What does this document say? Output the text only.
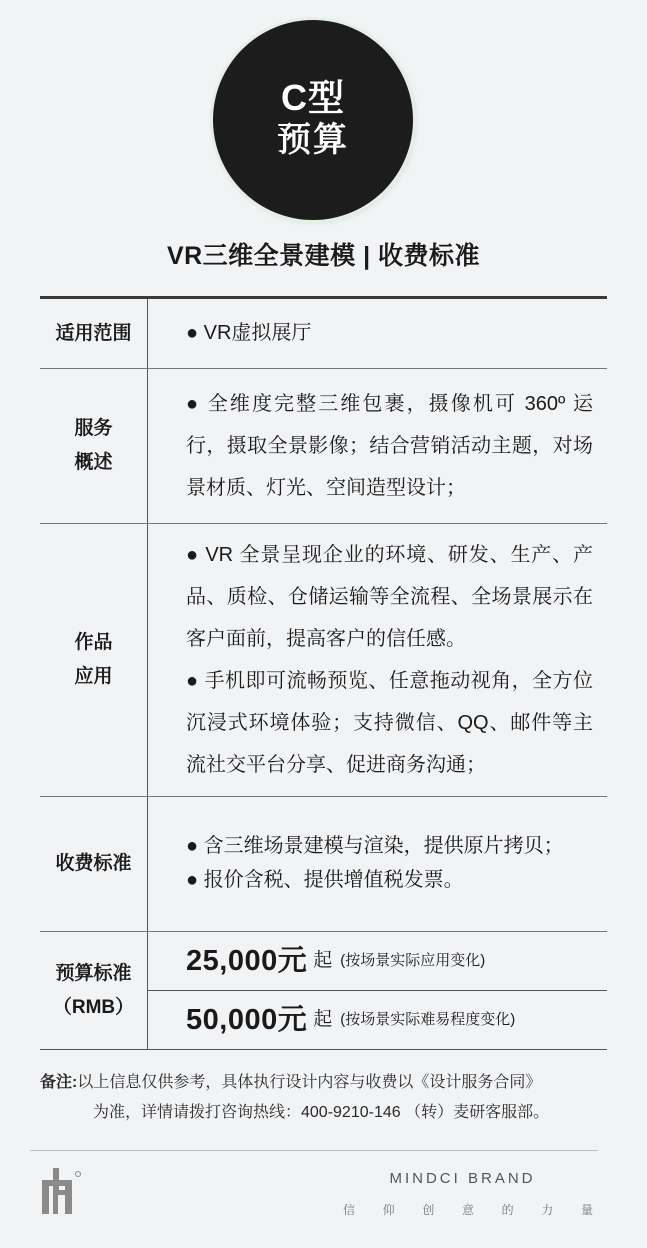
C型
预算
VR三维全景建模 | 收费标准
适用范围	● VR虚拟展厅

服务
概述

● 全维度完整三维包裹，摄像机可 360º 运行，摄取全景影像；结合营销活动主题，对场景材质、灯光、空间造型设计；

作品
应用

● VR 全景呈现企业的环境、研发、生产、产品、质检、仓储运输等全流程、全场景展示在客户面前，提高客户的信任感。

● 手机即可流畅预览、任意拖动视角，全方位沉浸式环境体验；支持微信、QQ、邮件等主流社交平台分享、促进商务沟通；

收费标准

● 含三维场景建模与渲染，提供原片拷贝；

● 报价含税、提供增值税发票。

预算标准
（RMB）
25,000元 起 (按场景实际应用变化)
50,000元 起 (按场景实际难易程度变化)
备注:以上信息仅供参考，具体执行设计内容与收费以《设计服务合同》
为准，详情请拨打咨询热线：400-9210-146 （转）麦研客服部。
MINDCI BRAND
信 仰 创 意 的 力 量
